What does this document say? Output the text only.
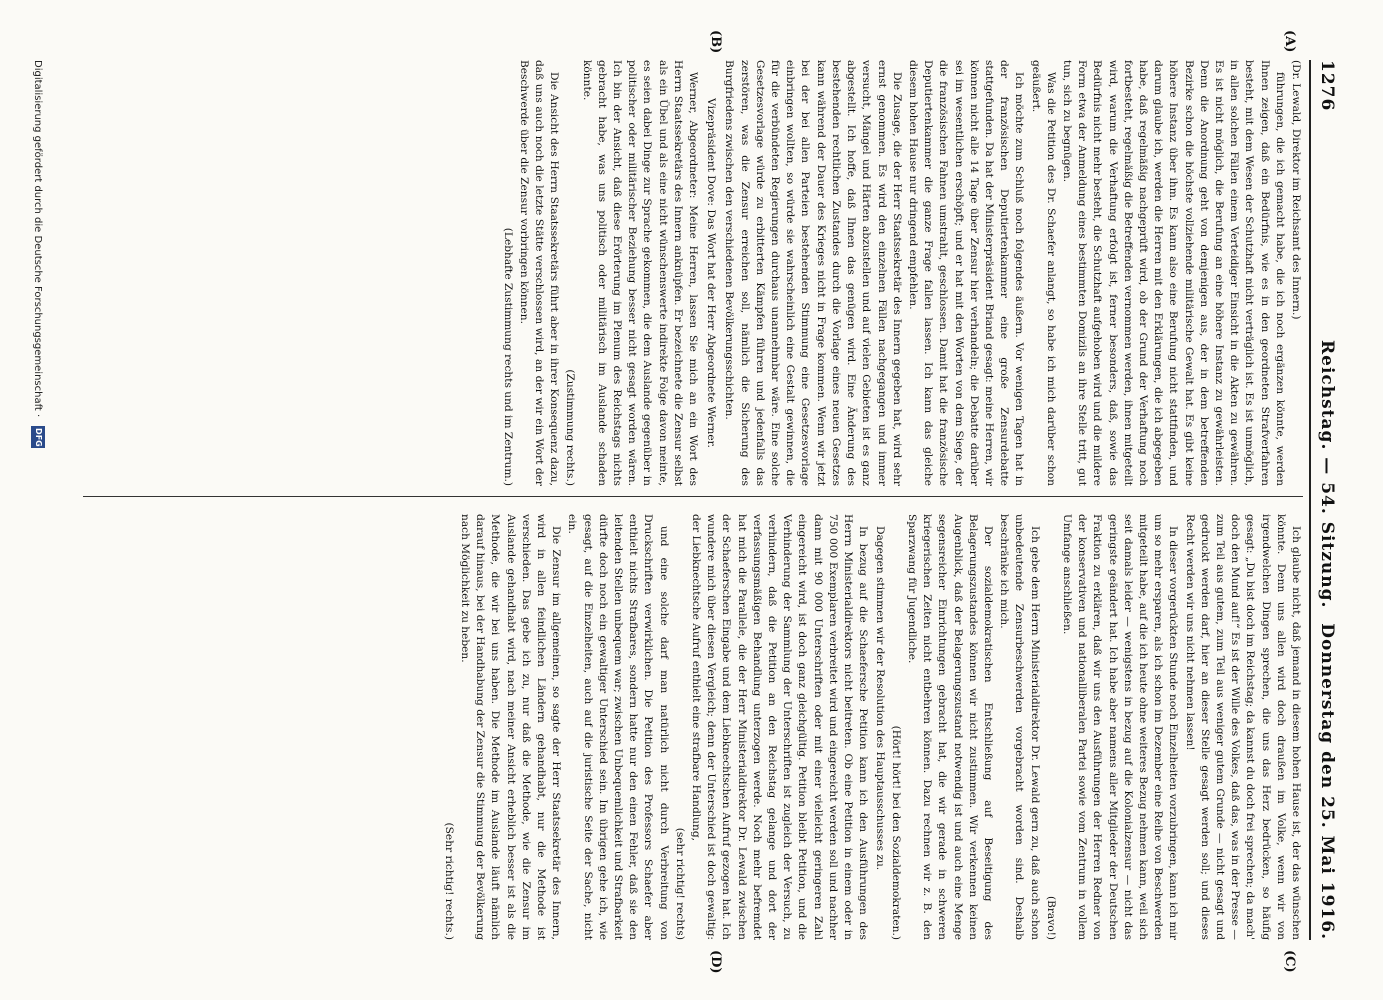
1276
Reichstag. — 54. Sitzung.
Donnerstag den 25. Mai 1916.
(A)
(B)
(C)
(D)

(Dr. Lewald, Direktor im Reichsamt des Innern.)

führungen, die ich gemacht habe, die ich noch ergänzen könnte, werden Ihnen zeigen, daß ein Bedürfnis, wie es in den geordneten Strafverfahren besteht, mit dem Wesen der Schutzhaft nicht verträglich ist. Es ist unmöglich, in allen solchen Fällen einem Verteidiger Einsicht in die Akten zu gewähren. Es ist nicht möglich, die Berufung an eine höhere Instanz zu gewährleisten. Denn die Anordnung geht von demjenigen aus, der in dem betreffenden Bezirke schon die höchste vollziehende militärische Gewalt hat. Es gibt keine höhere Instanz über ihm. Es kann also eine Berufung nicht stattfinden, und darum glaube ich, werden die Herren mit den Erklärungen, die ich abgegeben habe, daß regelmäßig nachgeprüft wird, ob der Grund der Verhaftung noch fortbesteht, regelmäßig die Betreffenden vernommen werden, ihnen mitgeteilt wird, warum die Verhaftung erfolgt ist, ferner besonders, daß, sowie das Bedürfnis nicht mehr besteht, die Schutzhaft aufgehoben wird und die mildere Form etwa der Anmeldung eines bestimmten Domizils an ihre Stelle tritt, gut tun, sich zu begnügen.

Was die Petition des Dr. Schaefer anlangt, so habe ich mich darüber schon geäußert.

Ich möchte zum Schluß noch folgendes äußern. Vor wenigen Tagen hat in der französischen Deputiertenkammer eine große Zensurdebatte stattgefunden. Da hat der Ministerpräsident Briand gesagt: meine Herren, wir können nicht alle 14 Tage über Zensur hier verhandeln; die Debatte darüber sei im wesentlichen erschöpft; und er hat mit den Worten von dem Siege, der die französischen Fahnen umstrahlt, geschlossen. Damit hat die französische Deputiertenkammer die ganze Frage fallen lassen. Ich kann das gleiche diesem hohen Hause nur dringend empfehlen.

Die Zusage, die der Herr Staatssekretär des Innern gegeben hat, wird sehr ernst genommen. Es wird den einzelnen Fällen nachgegangen und immer versucht, Mängel und Härten abzustellen und auf vielen Gebieten ist es ganz abgestellt. Ich hoffe, daß Ihnen das genügen wird. Eine Änderung des bestehenden rechtlichen Zustandes durch die Vorlage eines neuen Gesetzes kann während der Dauer des Krieges nicht in Frage kommen. Wenn wir jetzt bei der bei allen Parteien bestehenden Stimmung eine Gesetzesvorlage einbringen wollten, so würde sie wahrscheinlich eine Gestalt gewinnen, die für die verbündeten Regierungen durchaus unannehmbar wäre. Eine solche Gesetzesvorlage würde zu erbitterten Kämpfen führen und jedenfalls das zerstören, was die Zensur erreichen soll, nämlich die Sicherung des Burgfriedens zwischen den verschiedenen Bevölkerungsschichten.

Vizepräsident Dove: Das Wort hat der Herr Abgeordnete Werner.

Werner, Abgeordneter: Meine Herren, lassen Sie mich an ein Wort des Herrn Staatssekretärs des Innern anknüpfen. Er bezeichnete die Zensur selbst als ein Übel und als eine nicht wünschenswerte indirekte Folge davon meinte, es seien dabei Dinge zur Sprache gekommen, die dem Auslande gegenüber in politischer oder militärischer Beziehung besser nicht gesagt worden wären. Ich bin der Ansicht, daß diese Erörterung im Plenum des Reichstags nichts gebracht habe, was uns politisch oder militärisch im Auslande schaden könnte.

(Zustimmung rechts.)

Die Ansicht des Herrn Staatssekretärs führt aber in ihrer Konsequenz dazu, daß uns auch noch die letzte Stätte verschlossen wird, an der wir ein Wort der Beschwerde über die Zensur vorbringen können.

(Lebhafte Zustimmung rechts und im Zentrum.)

Ich glaube nicht, daß jemand in diesem hohen Hause ist, der das wünschen könnte. Denn uns allen wird doch draußen im Volke, wenn wir von irgendwelchen Dingen sprechen, die uns das Herz bedrücken, so häufig gesagt: „Du bist doch im Reichstag; da kannst du doch frei sprechen; da mach' doch den Mund auf!“ Es ist der Wille des Volkes, daß das, was in der Presse — zum Teil aus gutem, zum Teil aus weniger gutem Grunde — nicht gesagt und gedruckt werden darf, hier an dieser Stelle gesagt werden soll; und dieses Recht werden wir uns nicht nehmen lassen!

In dieser vorgerückten Stunde noch Einzelheiten vorzubringen, kann ich mir um so mehr ersparen, als ich schon im Dezember eine Reihe von Beschwerden mitgeteilt habe, auf die ich heute ohne weiteres Bezug nehmen kann, weil sich seit damals leider — wenigstens in bezug auf die Kolonialzensur — nicht das geringste geändert hat. Ich habe aber namens aller Mitglieder der Deutschen Fraktion zu erklären, daß wir uns den Ausführungen der Herren Redner von der konservativen und nationalliberalen Partei sowie vom Zentrum in vollem Umfange anschließen.

(Bravo!)

Ich gebe dem Herrn Ministerialdirektor Dr. Lewald gern zu, daß auch schon unbedeutende Zensurbeschwerden vorgebracht worden sind. Deshalb beschränke ich mich.

Der sozialdemokratischen Entschließung auf Beseitigung des Belagerungszustandes können wir nicht zustimmen. Wir verkennen keinen Augenblick, daß der Belagerungszustand notwendig ist und auch eine Menge segensreicher Einrichtungen gebracht hat, die wir gerade in schweren kriegerischen Zeiten nicht entbehren können. Dazu rechnen wir z. B. den Sparzwang für Jugendliche.

(Hört! hört! bei den Sozialdemokraten.)

Dagegen stimmen wir der Resolution des Hauptausschusses zu.

In bezug auf die Schaefersche Petition kann ich den Ausführungen des Herrn Ministerialdirektors nicht beitreten. Ob eine Petition in einem oder in 750 000 Exemplaren verbreitet wird und eingereicht werden soll und nachher dann mit 90 000 Unterschriften oder mit einer vielleicht geringeren Zahl eingereicht wird, ist doch ganz gleichgültig. Petition bleibt Petition, und die Verhinderung der Sammlung der Unterschriften ist zugleich der Versuch, zu verhindern, daß die Petition an den Reichstag gelange und dort der verfassungsmäßigen Behandlung unterzogen werde. Noch mehr befremdet hat mich die Parallele, die der Herr Ministerialdirektor Dr. Lewald zwischen der Schaeferschen Eingabe und dem Liebknechtschen Aufruf gezogen hat. Ich wundere mich über diesen Vergleich; denn der Unterschied ist doch gewaltig: der Liebknechtsche Aufruf enthielt eine strafbare Handlung,

(sehr richtig! rechts)

und eine solche darf man natürlich nicht durch Verbreitung von Druckschriften verwirklichen. Die Petition des Professors Schaefer aber enthielt nichts Strafbares, sondern hatte nur den einen Fehler, daß sie den leitenden Stellen unbequem war; zwischen Unbequemlichkeit und Strafbarkeit dürfte doch noch ein gewaltiger Unterschied sein. Im übrigen gehe ich, wie gesagt, auf die Einzelheiten, auch auf die juristische Seite der Sache, nicht ein.

Die Zensur im allgemeinen, so sagte der Herr Staatssekretär des Innern, wird in allen feindlichen Ländern gehandhabt, nur die Methode ist verschieden. Das gebe ich zu, nur daß die Methode, wie die Zensur im Auslande gehandhabt wird, nach meiner Ansicht erheblich besser ist als die Methode, die wir bei uns haben. Die Methode im Auslande läuft nämlich darauf hinaus, bei der Handhabung der Zensur die Stimmung der Bevölkerung nach Möglichkeit zu heben.

(Sehr richtig! rechts.)

Digitalisierung gefördert durch die Deutsche Forschungsgemeinschaft · DFG
